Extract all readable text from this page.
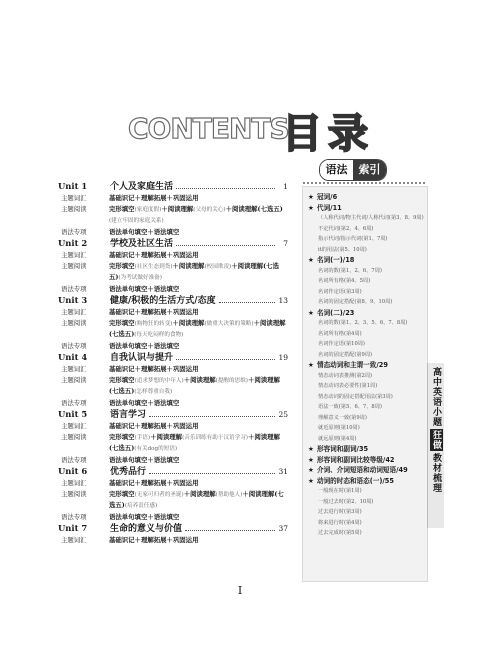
CONTENTS
目录
语法	索引
★ 冠词/6
★ 代词/11
（人称代词/物主代词/人称代词(第3、8、9周)
不定代词(第2、4、6周)
指示代词/指示代词(第1、7周)
it的用法(第5、10周)
★ 名词(一)/18
名词的数(第1、2、6、7周)
名词所有格(第4、5周)
名词作定语(第3周)
名词的固定搭配(第8、9、10周)
★ 名词(二)/23
名词的数(第1、2、3、5、6、7、8周)
名词所有格(第4周)
名词作定语(第10周)
名词的固定搭配(第9周)
★ 情态动词和主谓一致/29
情态动词表推测(第2周)
情态动词表必要性(第1周)
情态动词的固定搭配用法(第3周)
语法一致(第5、6、7、8周)
理解意义一致(第9周)
就近原则(第10周)
就远原则(第4周)
★ 形容词和副词/35
★ 形容词和副词比较等级/42
★ 介词、介词短语和动词短语/49
★ 动词的时态和语态(一)/55
一般现在时(第1周)
一般过去时(第2、10周)
过去进行时(第3周)
将来进行时(第4周)
过去完成时(第5周)
Unit 1	个人及家庭生活	1
主题词汇	基础识记＋理解拓展＋巩固运用
主题阅读	完形填空(家庭度假)＋阅读理解(父母的关心)＋阅读理解(七选五)(建立牢固的家庭关系)
语法专项	语法单句填空＋语法填空
Unit 2	学校及社区生活	7
主题词汇	基础识记＋理解拓展＋巩固运用
主题阅读	完形填空(社区生态到货)＋阅读理解(校园欺凌)＋阅读理解(七选五)(为考试做好准备)
语法专项	语法单句填空＋语法填空
Unit 3	健康/积极的生活方式/态度	13
主题词汇	基础识记＋理解拓展＋巩固运用
主题阅读	完形填空(购物狂的转变)＋阅读理解(做重大决策的策略)＋阅读理解(七选五)(每天吃闷样的食物)
语法专项	语法单句填空＋语法填空
Unit 4	自我认识与提升	19
主题词汇	基础识记＋理解拓展＋巩固运用
主题阅读	完形填空(追求梦想的中年人)＋阅读理解(提醒的思维)＋阅读理解(七选五)(怎样尊重自我)
语法专项	语法单句填空＋语法填空
Unit 5	语言学习	25
主题词汇	基础识记＋理解拓展＋巩固运用
主题阅读	完形填空(手语)＋阅读理解(音乐训练有助于汉语学习)＋阅读理解(七选五)(有关dog的短语)
语法专项	语法单句填空＋语法填空
Unit 6	优秀品行	31
主题词汇	基础识记＋理解拓展＋巩固运用
主题阅读	完形填空(无家可归者的圣诞)＋阅读理解(帮助他人)＋阅读理解(七选五)(培养责任感)
语法专项	语法单句填空＋语法填空
Unit 7	生命的意义与价值	37
主题词汇	基础识记＋理解拓展＋巩固运用
高中英语小题狂做教材梳理
I
